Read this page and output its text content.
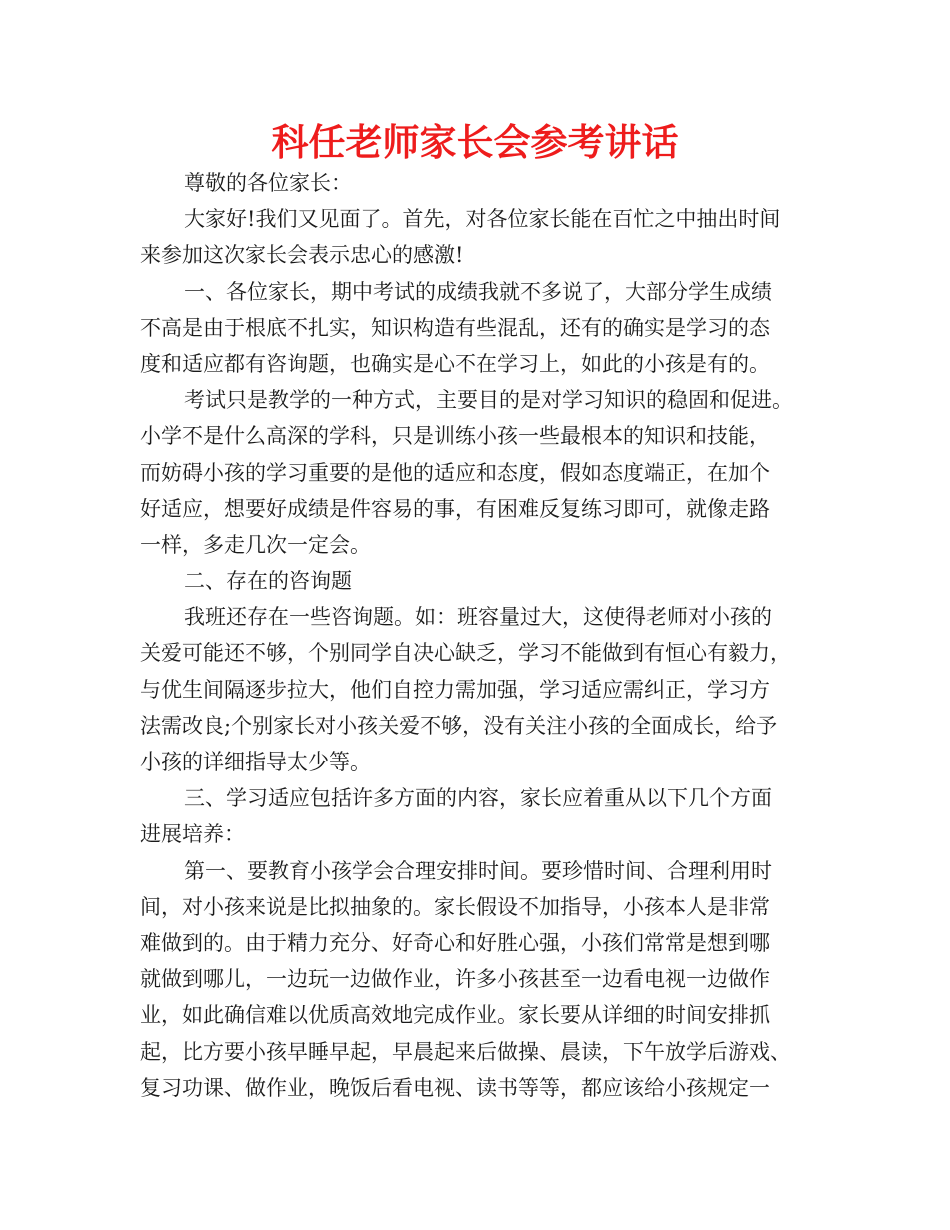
科任老师家长会参考讲话
尊敬的各位家长：
大家好!我们又见面了。首先，对各位家长能在百忙之中抽出时间
来参加这次家长会表示忠心的感激!
一、各位家长，期中考试的成绩我就不多说了，大部分学生成绩
不高是由于根底不扎实，知识构造有些混乱，还有的确实是学习的态
度和适应都有咨询题，也确实是心不在学习上，如此的小孩是有的。
考试只是教学的一种方式，主要目的是对学习知识的稳固和促进。
小学不是什么高深的学科，只是训练小孩一些最根本的知识和技能，
而妨碍小孩的学习重要的是他的适应和态度，假如态度端正，在加个
好适应，想要好成绩是件容易的事，有困难反复练习即可，就像走路
一样，多走几次一定会。
二、存在的咨询题
我班还存在一些咨询题。如：班容量过大，这使得老师对小孩的
关爱可能还不够，个别同学自决心缺乏，学习不能做到有恒心有毅力，
与优生间隔逐步拉大，他们自控力需加强，学习适应需纠正，学习方
法需改良;个别家长对小孩关爱不够，没有关注小孩的全面成长，给予
小孩的详细指导太少等。
三、学习适应包括许多方面的内容，家长应着重从以下几个方面
进展培养：
第一、要教育小孩学会合理安排时间。要珍惜时间、合理利用时
间，对小孩来说是比拟抽象的。家长假设不加指导，小孩本人是非常
难做到的。由于精力充分、好奇心和好胜心强，小孩们常常是想到哪
就做到哪儿，一边玩一边做作业，许多小孩甚至一边看电视一边做作
业，如此确信难以优质高效地完成作业。家长要从详细的时间安排抓
起，比方要小孩早睡早起，早晨起来后做操、晨读，下午放学后游戏、
复习功课、做作业，晚饭后看电视、读书等等，都应该给小孩规定一
